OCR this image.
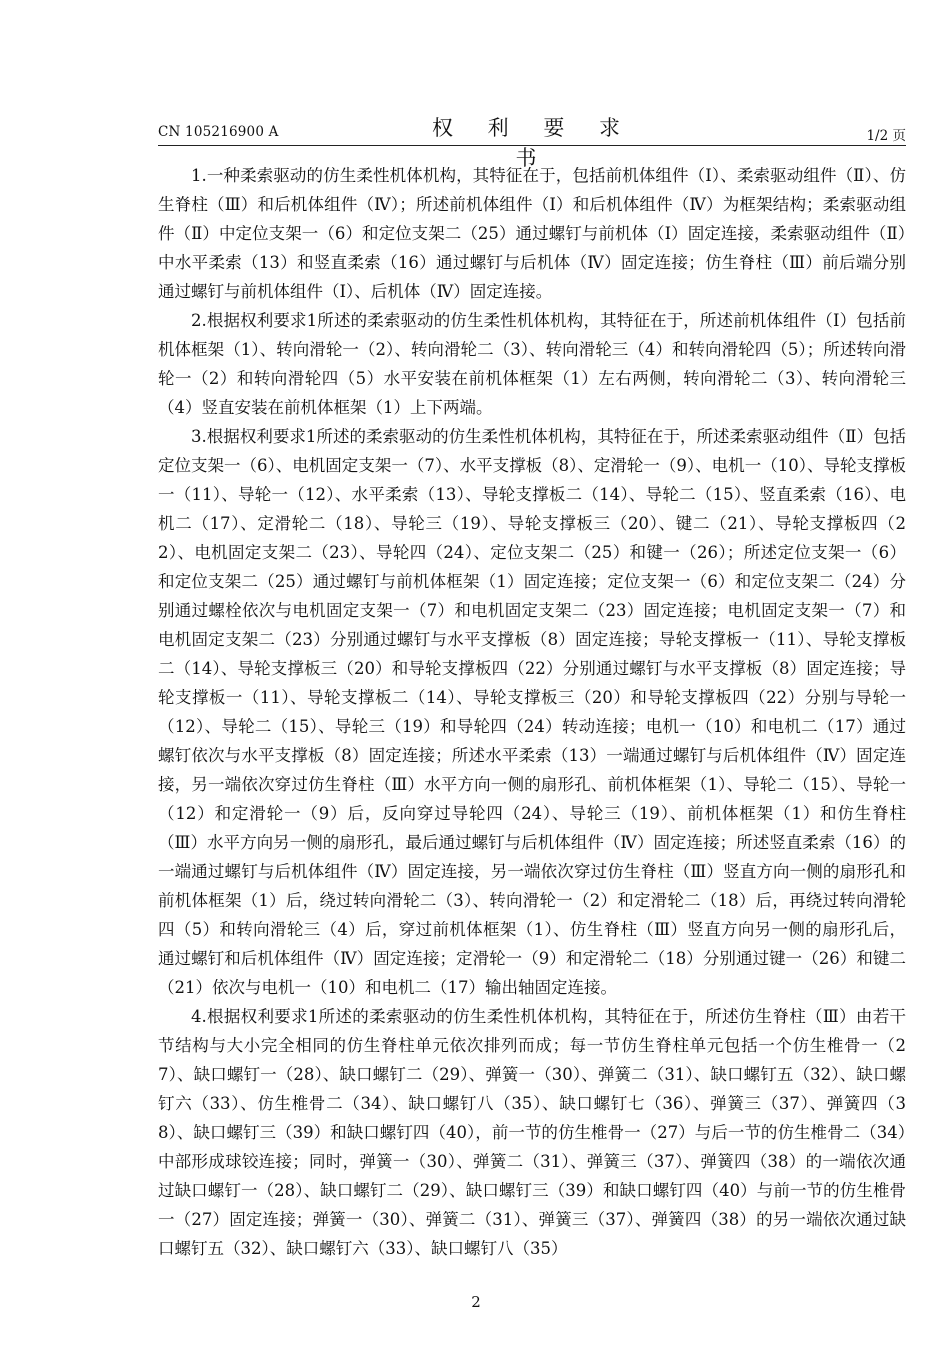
CN 105216900 A	权 利 要 求 书
1/2 页

1.一种柔索驱动的仿生柔性机体机构，其特征在于，包括前机体组件（Ⅰ）、柔索驱动组件（Ⅱ）、仿生脊柱（Ⅲ）和后机体组件（Ⅳ）；所述前机体组件（Ⅰ）和后机体组件（Ⅳ）为框架结构；柔索驱动组件（Ⅱ）中定位支架一（6）和定位支架二（25）通过螺钉与前机体（Ⅰ）固定连接，柔索驱动组件（Ⅱ）中水平柔索（13）和竖直柔索（16）通过螺钉与后机体（Ⅳ）固定连接；仿生脊柱（Ⅲ）前后端分别通过螺钉与前机体组件（Ⅰ）、后机体（Ⅳ）固定连接。

2.根据权利要求1所述的柔索驱动的仿生柔性机体机构，其特征在于，所述前机体组件（Ⅰ）包括前机体框架（1）、转向滑轮一（2）、转向滑轮二（3）、转向滑轮三（4）和转向滑轮四（5）；所述转向滑轮一（2）和转向滑轮四（5）水平安装在前机体框架（1）左右两侧，转向滑轮二（3）、转向滑轮三（4）竖直安装在前机体框架（1）上下两端。

3.根据权利要求1所述的柔索驱动的仿生柔性机体机构，其特征在于，所述柔索驱动组件（Ⅱ）包括定位支架一（6）、电机固定支架一（7）、水平支撑板（8）、定滑轮一（9）、电机一（10）、导轮支撑板一（11）、导轮一（12）、水平柔索（13）、导轮支撑板二（14）、导轮二（15）、竖直柔索（16）、电机二（17）、定滑轮二（18）、导轮三（19）、导轮支撑板三（20）、键二（21）、导轮支撑板四（22）、电机固定支架二（23）、导轮四（24）、定位支架二（25）和键一（26）；所述定位支架一（6）和定位支架二（25）通过螺钉与前机体框架（1）固定连接；定位支架一（6）和定位支架二（24）分别通过螺栓依次与电机固定支架一（7）和电机固定支架二（23）固定连接；电机固定支架一（7）和电机固定支架二（23）分别通过螺钉与水平支撑板（8）固定连接；导轮支撑板一（11）、导轮支撑板二（14）、导轮支撑板三（20）和导轮支撑板四（22）分别通过螺钉与水平支撑板（8）固定连接；导轮支撑板一（11）、导轮支撑板二（14）、导轮支撑板三（20）和导轮支撑板四（22）分别与导轮一（12）、导轮二（15）、导轮三（19）和导轮四（24）转动连接；电机一（10）和电机二（17）通过螺钉依次与水平支撑板（8）固定连接；所述水平柔索（13）一端通过螺钉与后机体组件（Ⅳ）固定连接，另一端依次穿过仿生脊柱（Ⅲ）水平方向一侧的扇形孔、前机体框架（1）、导轮二（15）、导轮一（12）和定滑轮一（9）后，反向穿过导轮四（24）、导轮三（19）、前机体框架（1）和仿生脊柱（Ⅲ）水平方向另一侧的扇形孔，最后通过螺钉与后机体组件（Ⅳ）固定连接；所述竖直柔索（16）的一端通过螺钉与后机体组件（Ⅳ）固定连接，另一端依次穿过仿生脊柱（Ⅲ）竖直方向一侧的扇形孔和前机体框架（1）后，绕过转向滑轮二（3）、转向滑轮一（2）和定滑轮二（18）后，再绕过转向滑轮四（5）和转向滑轮三（4）后，穿过前机体框架（1）、仿生脊柱（Ⅲ）竖直方向另一侧的扇形孔后，通过螺钉和后机体组件（Ⅳ）固定连接；定滑轮一（9）和定滑轮二（18）分别通过键一（26）和键二（21）依次与电机一（10）和电机二（17）输出轴固定连接。

4.根据权利要求1所述的柔索驱动的仿生柔性机体机构，其特征在于，所述仿生脊柱（Ⅲ）由若干节结构与大小完全相同的仿生脊柱单元依次排列而成；每一节仿生脊柱单元包括一个仿生椎骨一（27）、缺口螺钉一（28）、缺口螺钉二（29）、弹簧一（30）、弹簧二（31）、缺口螺钉五（32）、缺口螺钉六（33）、仿生椎骨二（34）、缺口螺钉八（35）、缺口螺钉七（36）、弹簧三（37）、弹簧四（38）、缺口螺钉三（39）和缺口螺钉四（40），前一节的仿生椎骨一（27）与后一节的仿生椎骨二（34）中部形成球铰连接；同时，弹簧一（30）、弹簧二（31）、弹簧三（37）、弹簧四（38）的一端依次通过缺口螺钉一（28）、缺口螺钉二（29）、缺口螺钉三（39）和缺口螺钉四（40）与前一节的仿生椎骨一（27）固定连接；弹簧一（30）、弹簧二（31）、弹簧三（37）、弹簧四（38）的另一端依次通过缺口螺钉五（32）、缺口螺钉六（33）、缺口螺钉八（35）

2
